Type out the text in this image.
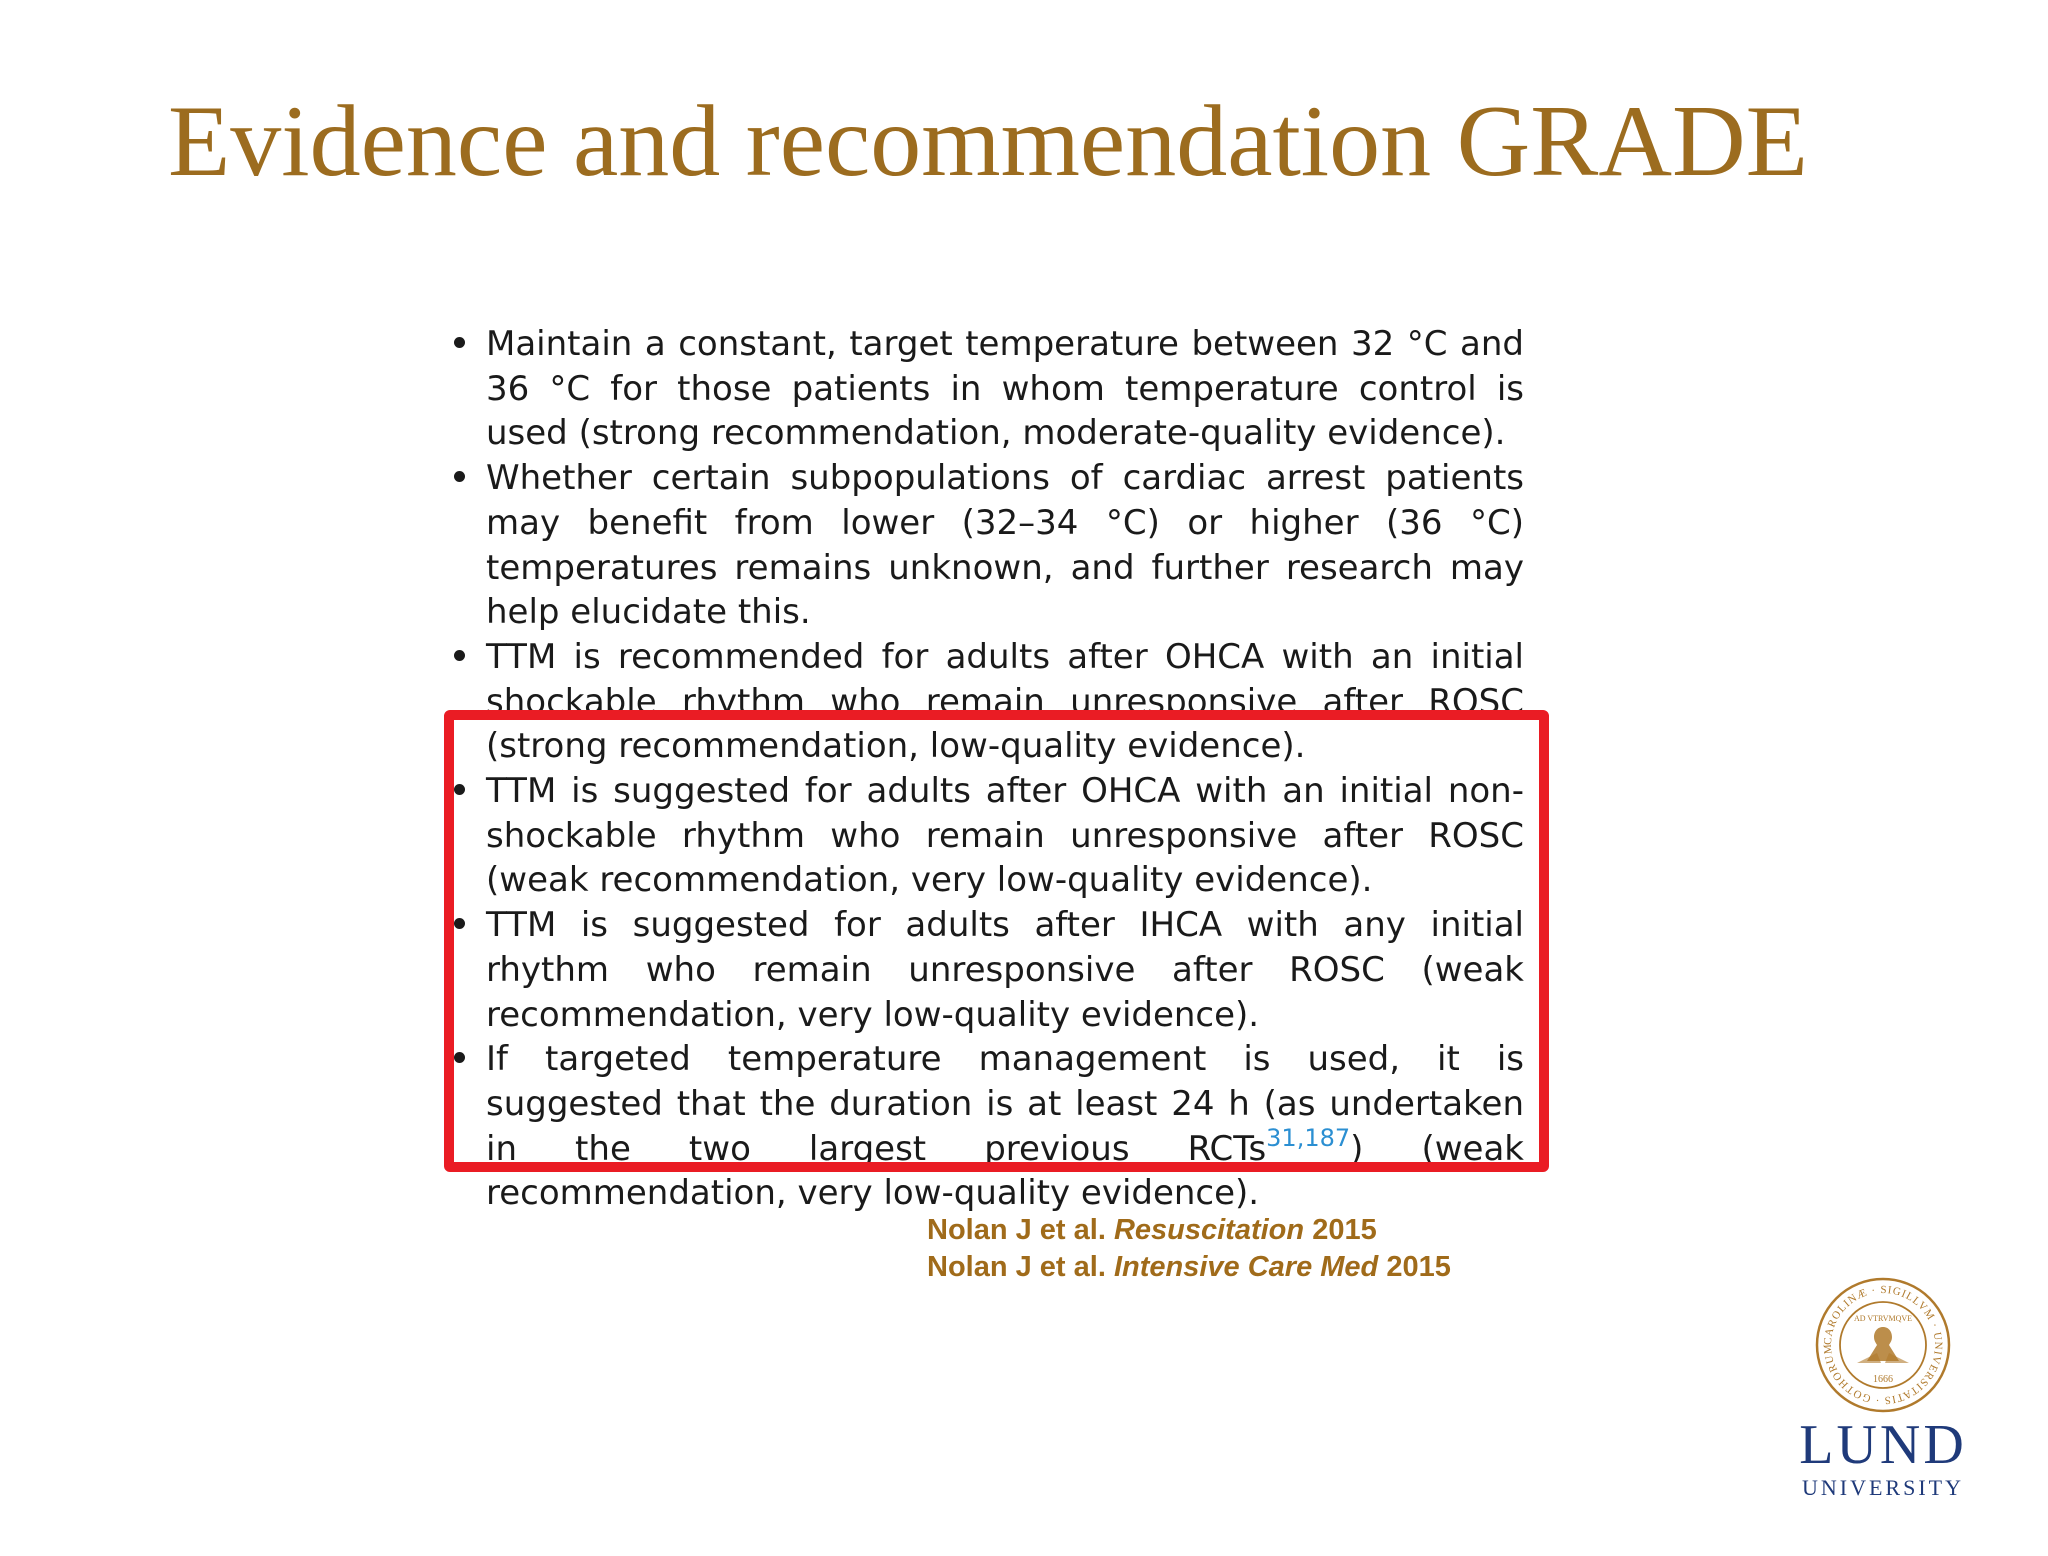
Evidence and recommendation GRADE
Maintain a constant, target temperature between 32 °C and 36 °C for those patients in whom temperature control is used (strong recommendation, moderate-quality evidence).
Whether certain subpopulations of cardiac arrest patients may benefit from lower (32–34 °C) or higher (36 °C) temperatures remains unknown, and further research may help elucidate this.
TTM is recommended for adults after OHCA with an initial shockable rhythm who remain unresponsive after ROSC (strong recommendation, low-quality evidence).
TTM is suggested for adults after OHCA with an initial non-shockable rhythm who remain unresponsive after ROSC (weak recommendation, very low-quality evidence).
TTM is suggested for adults after IHCA with any initial rhythm who remain unresponsive after ROSC (weak recommendation, very low-quality evidence).
If targeted temperature management is used, it is suggested that the duration is at least 24 h (as undertaken in the two largest previous RCTs$^{31,187}$) (weak recommendation, very low-quality evidence).
Nolan J et al. Resuscitation 2015
Nolan J et al. Intensive Care Med 2015
CAROLINÆ · SIGILLVM · UNIVERSITATIS · GOTHORUM
AD VTRVMQVE
1666
LUND
UNIVERSITY
